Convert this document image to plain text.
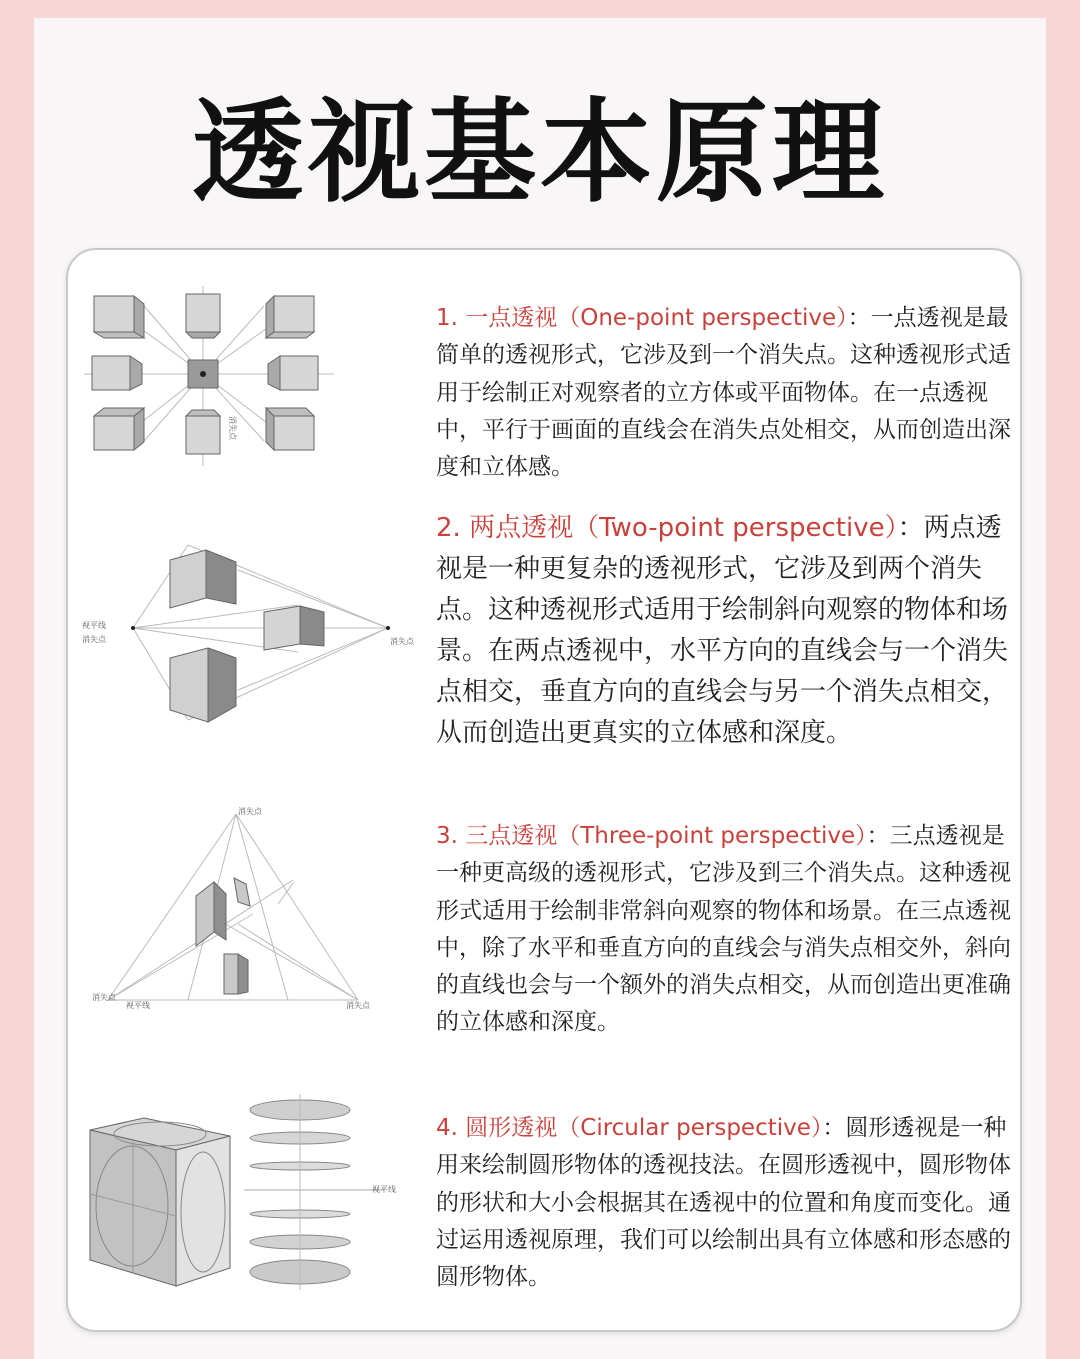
透视基本原理
消失点
1. 一点透视（One-point perspective）：一点透视是最简单的透视形式，它涉及到一个消失点。这种透视形式适用于绘制正对观察者的立方体或平面物体。在一点透视中，平行于画面的直线会在消失点处相交，从而创造出深度和立体感。
视平线
消失点	消失点
2. 两点透视（Two-point perspective）：两点透视是一种更复杂的透视形式，它涉及到两个消失点。这种透视形式适用于绘制斜向观察的物体和场景。在两点透视中，水平方向的直线会与一个消失点相交，垂直方向的直线会与另一个消失点相交，从而创造出更真实的立体感和深度。
消失点
消失点
视平线	消失点
3. 三点透视（Three-point perspective）：三点透视是一种更高级的透视形式，它涉及到三个消失点。这种透视形式适用于绘制非常斜向观察的物体和场景。在三点透视中，除了水平和垂直方向的直线会与消失点相交外，斜向的直线也会与一个额外的消失点相交，从而创造出更准确的立体感和深度。
视平线
4. 圆形透视（Circular perspective）：圆形透视是一种用来绘制圆形物体的透视技法。在圆形透视中，圆形物体的形状和大小会根据其在透视中的位置和角度而变化。通过运用透视原理，我们可以绘制出具有立体感和形态感的圆形物体。
